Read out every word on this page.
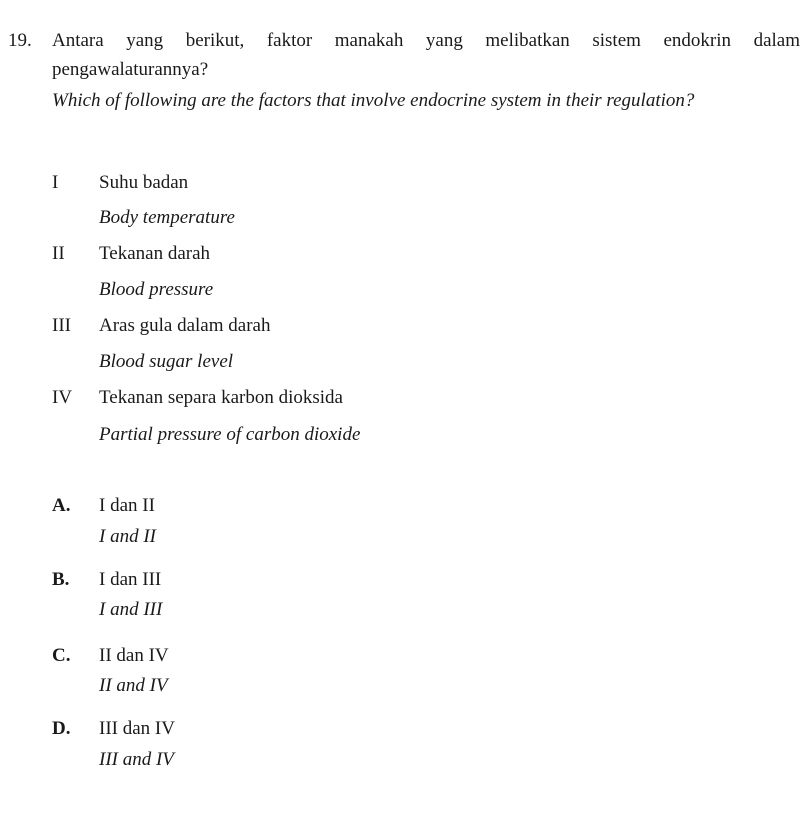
19. Antara yang berikut, faktor manakah yang melibatkan sistem endokrin dalam
pengawalaturannya?
Which of following are the factors that involve endocrine system in their regulation?
I Suhu badan
Body temperature
II Tekanan darah
Blood pressure
III Aras gula dalam darah
Blood sugar level
IV Tekanan separa karbon dioksida
Partial pressure of carbon dioxide
A. I dan II
I and II
B. I dan III
I and III
C. II dan IV
II and IV
D. III dan IV
III and IV
